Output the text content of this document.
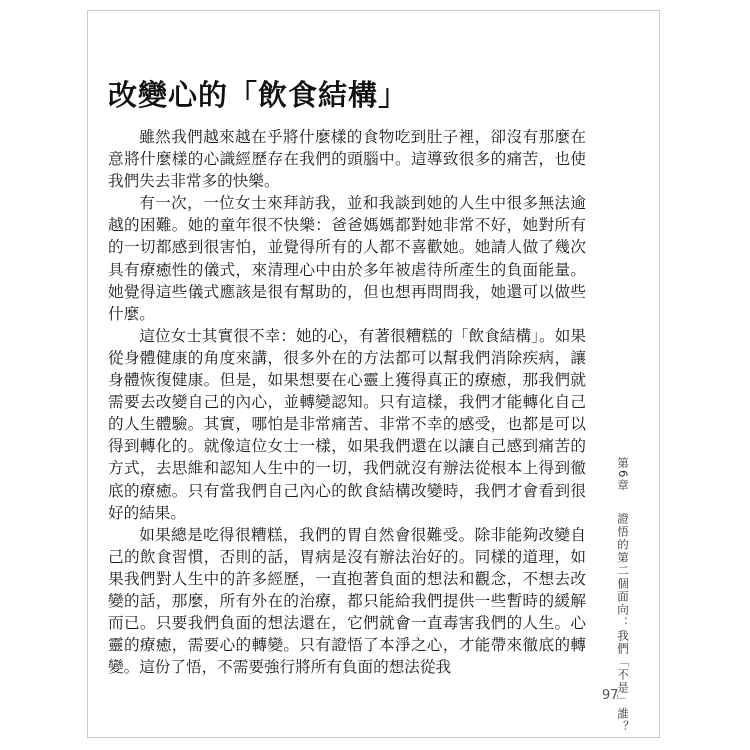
改變心的「飲食結構」

雖然我們越來越在乎將什麼樣的食物吃到肚子裡，卻沒有那麼在意將什麼樣的心識經歷存在我們的頭腦中。這導致很多的痛苦，也使我們失去非常多的快樂。

有一次，一位女士來拜訪我，並和我談到她的人生中很多無法逾越的困難。她的童年很不快樂：爸爸媽媽都對她非常不好，她對所有的一切都感到很害怕，並覺得所有的人都不喜歡她。她請人做了幾次具有療癒性的儀式，來清理心中由於多年被虐待所產生的負面能量。她覺得這些儀式應該是很有幫助的，但也想再問問我，她還可以做些什麼。

這位女士其實很不幸：她的心，有著很糟糕的「飲食結構」。如果從身體健康的角度來講，很多外在的方法都可以幫我們消除疾病，讓身體恢復健康。但是，如果想要在心靈上獲得真正的療癒，那我們就需要去改變自己的內心，並轉變認知。只有這樣，我們才能轉化自己的人生體驗。其實，哪怕是非常痛苦、非常不幸的感受，也都是可以得到轉化的。就像這位女士一樣，如果我們還在以讓自己感到痛苦的方式，去思維和認知人生中的一切，我們就沒有辦法從根本上得到徹底的療癒。只有當我們自己內心的飲食結構改變時，我們才會看到很好的結果。

如果總是吃得很糟糕，我們的胃自然會很難受。除非能夠改變自己的飲食習慣，否則的話，胃病是沒有辦法治好的。同樣的道理，如果我們對人生中的許多經歷，一直抱著負面的想法和觀念，不想去改變的話，那麼，所有外在的治療，都只能給我們提供一些暫時的緩解而已。只要我們負面的想法還在，它們就會一直毒害我們的人生。心靈的療癒，需要心的轉變。只有證悟了本淨之心，才能帶來徹底的轉變。這份了悟，不需要強行將所有負面的想法從我

第6章  證悟的第二個面向：我們「不是」誰？
97
